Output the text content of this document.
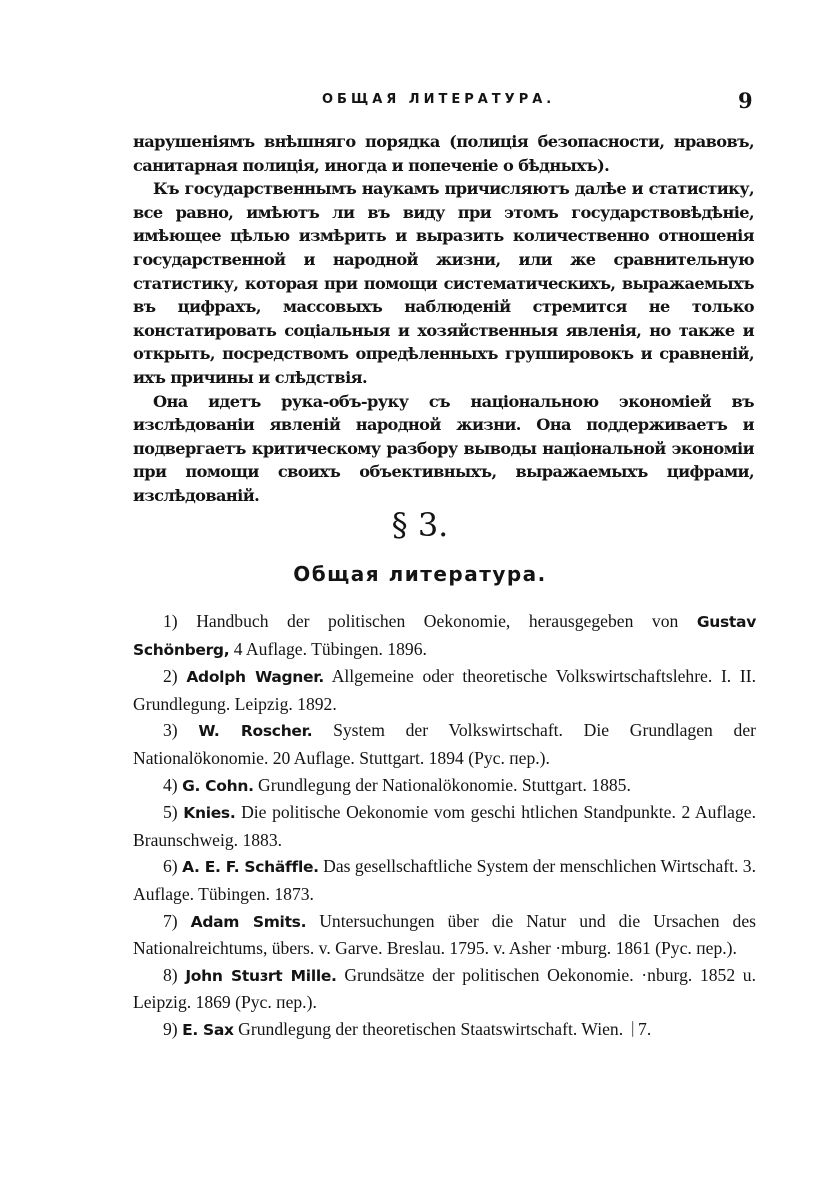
ОБЩАЯ ЛИТЕРАТУРА.	9

нарушеніямъ внѣшняго порядка (полиція безопасности, нравовъ, санитарная полиція, иногда и попеченіе о бѣдныхъ).

Къ государственнымъ наукамъ причисляютъ далѣе и статистику, все равно, имѣютъ ли въ виду при этомъ государствовѣдѣніе, имѣющее цѣлью измѣрить и выразить количественно отношенія государственной и народной жизни, или же сравнительную статистику, которая при помощи систематическихъ, выражаемыхъ въ цифрахъ, массовыхъ наблюденій стремится не только констатировать соціальныя и хозяйственныя явленія, но также и открыть, посредствомъ опредѣленныхъ группировокъ и сравненій, ихъ причины и слѣдствія.

Она идетъ рука-объ-руку съ національною экономіей въ изслѣдованіи явленій народной жизни. Она поддерживаетъ и подвергаетъ критическому разбору выводы національной экономіи при помощи своихъ объективныхъ, выражаемыхъ цифрами, изслѣдованій.

§ 3.
Общая литература.
1) Handbuch der politischen Oekonomie, herausgegeben von Gustav Schönberg, 4 Auflage. Tübingen. 1896.
2) Adolph Wagner. Allgemeine oder theoretische Volkswirtschaftslehre. I. II. Grundlegung. Leipzig. 1892.
3) W. Roscher. System der Volkswirtschaft. Die Grundlagen der Nationalökonomie. 20 Auflage. Stuttgart. 1894 (Рус. пер.).
4) G. Cohn. Grundlegung der Nationalökonomie. Stuttgart. 1885.
5) Knies. Die politische Oekonomie vom geschi htlichen Standpunkte. 2 Auflage. Braunschweig. 1883.
6) A. E. F. Schäffle. Das gesellschaftliche System der menschlichen Wirtschaft. 3. Auflage. Tübingen. 1873.
7) Adam Smits. Untersuchungen über die Natur und die Ursachen des Nationalreichtums, übers. v. Garve. Breslau. 1795. v. Asher ·mburg. 1861 (Рус. пер.).
8) John Stuɜrt Mille. Grundsätze der politischen Oekonomie. ·nburg. 1852 u. Leipzig. 1869 (Рус. пер.).
9) E. Sax Grundlegung der theoretischen Staatswirtschaft. Wien. ᛁ7.
